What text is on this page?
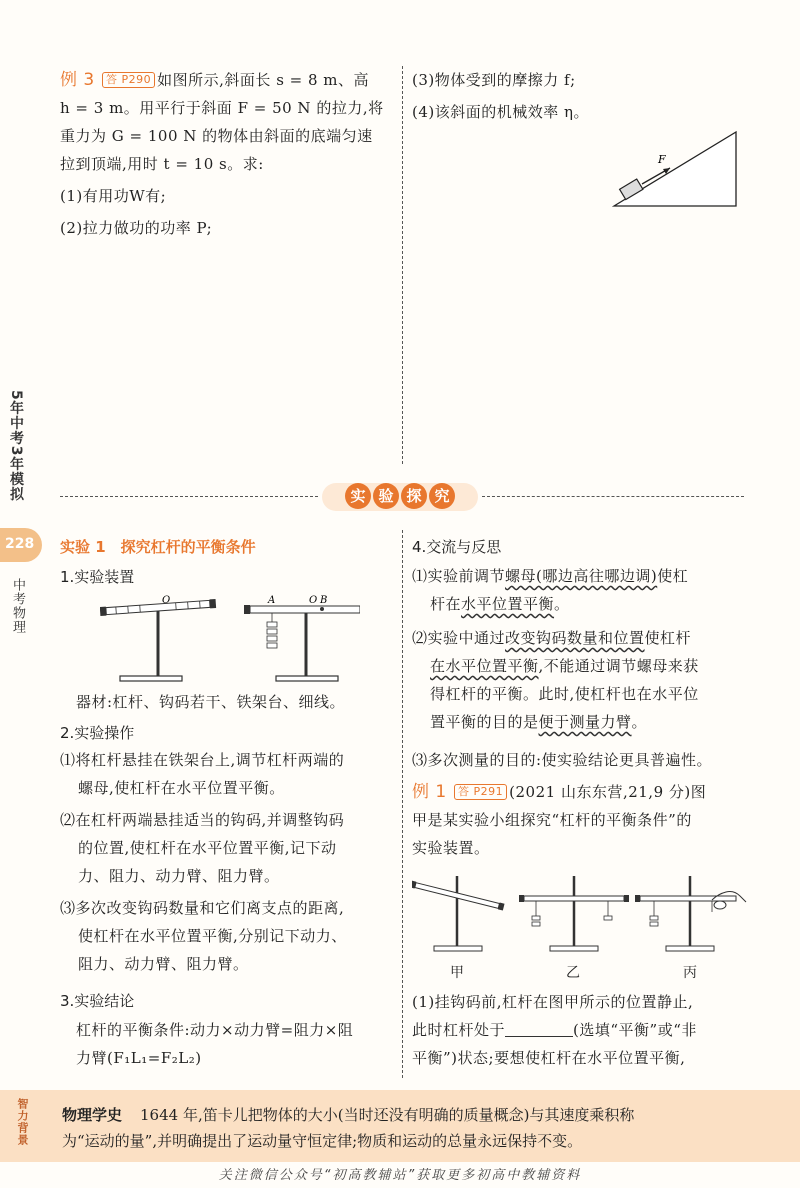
例 3 答 P290 如图所示,斜面长 s = 8 m、高
h = 3 m。用平行于斜面 F = 50 N 的拉力,将
重力为 G = 100 N 的物体由斜面的底端匀速
拉到顶端,用时 t = 10 s。求:
(1)有用功W有;
(2)拉力做功的功率 P;
(3)物体受到的摩擦力 f;
(4)该斜面的机械效率 η。
F
5年中考3年模拟
228
中考物理
实 验 探 究
实验 1　探究杠杆的平衡条件
1.实验装置
O	A	O B
器材:杠杆、钩码若干、铁架台、细线。
2.实验操作
⑴将杠杆悬挂在铁架台上,调节杠杆两端的
螺母,使杠杆在水平位置平衡。
⑵在杠杆两端悬挂适当的钩码,并调整钩码
的位置,使杠杆在水平位置平衡,记下动
力、阻力、动力臂、阻力臂。
⑶多次改变钩码数量和它们离支点的距离,
使杠杆在水平位置平衡,分别记下动力、
阻力、动力臂、阻力臂。
3.实验结论
杠杆的平衡条件:动力×动力臂=阻力×阻
力臂(F₁L₁=F₂L₂)
4.交流与反思
⑴实验前调节螺母(哪边高往哪边调)使杠
杆在水平位置平衡。
⑵实验中通过改变钩码数量和位置使杠杆
在水平位置平衡,不能通过调节螺母来获
得杠杆的平衡。此时,使杠杆也在水平位
置平衡的目的是便于测量力臂。
⑶多次测量的目的:使实验结论更具普遍性。
例 1 答 P291 (2021 山东东营,21,9 分)图
甲是某实验小组探究“杠杆的平衡条件”的
实验装置。
甲	乙	丙
(1)挂钩码前,杠杆在图甲所示的位置静止,
此时杠杆处于	(选填“平衡”或“非
平衡”)状态;要想使杠杆在水平位置平衡,
智力背景 物理学史 1644 年,笛卡儿把物体的大小(当时还没有明确的质量概念)与其速度乘积称
为“运动的量”,并明确提出了运动量守恒定律;物质和运动的总量永远保持不变。
关注微信公众号“初高教辅站”获取更多初高中教辅资料
